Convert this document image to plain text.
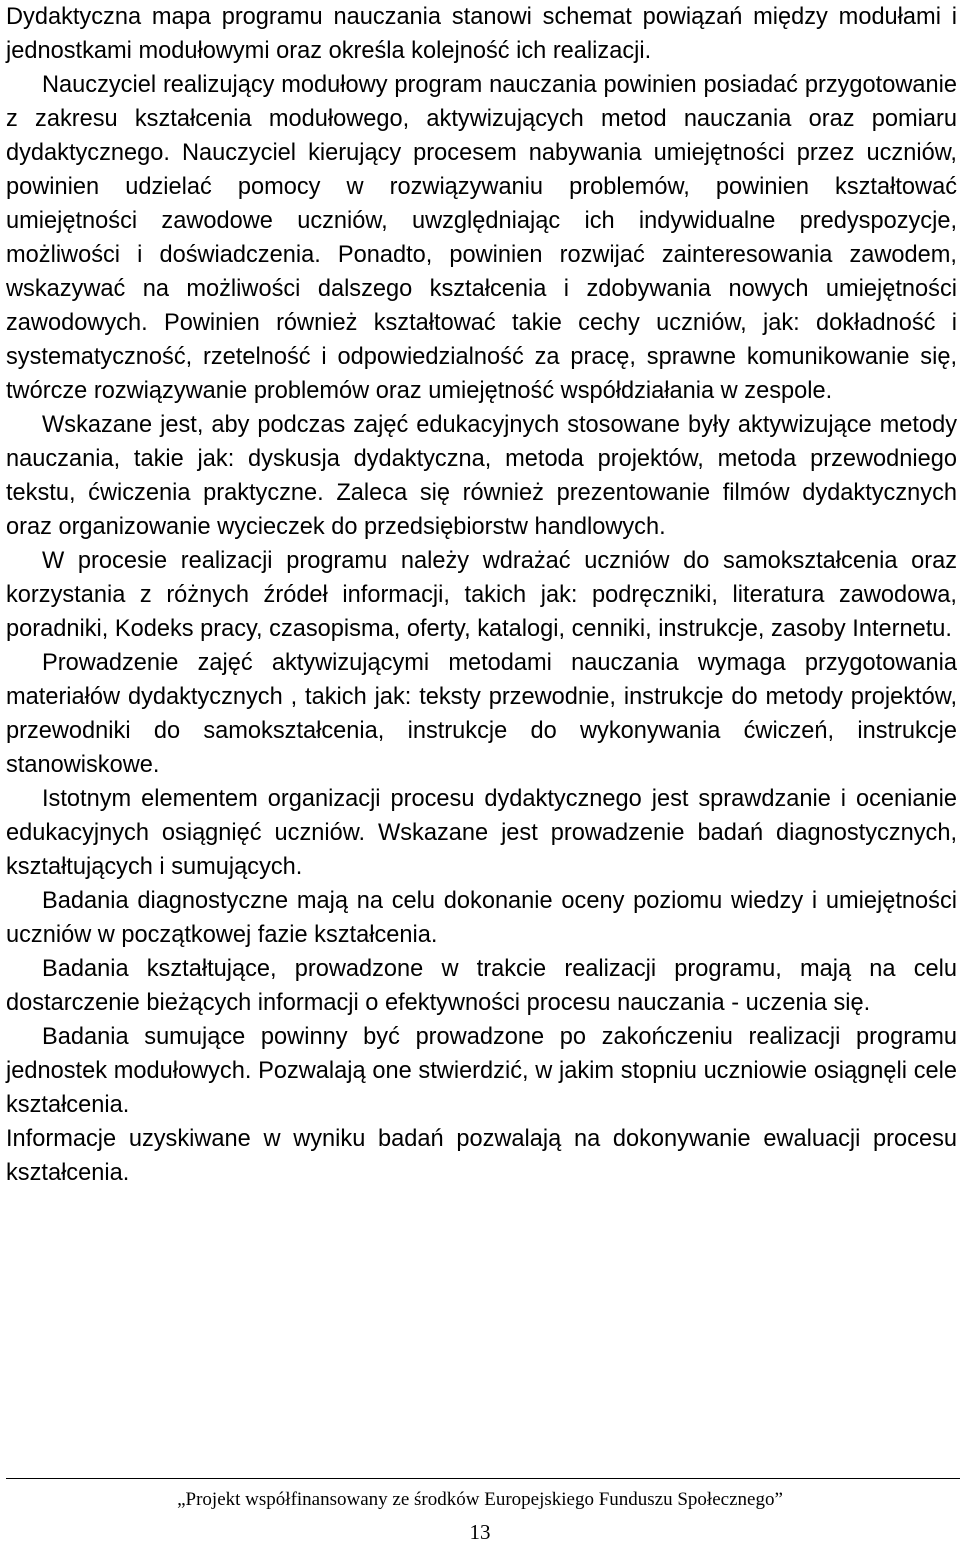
Dydaktyczna mapa programu nauczania stanowi schemat powiązań między modułami i jednostkami modułowymi oraz określa kolejność ich realizacji.

Nauczyciel realizujący modułowy program nauczania powinien posiadać przygotowanie z zakresu kształcenia modułowego, aktywizujących metod nauczania oraz pomiaru dydaktycznego. Nauczyciel kierujący procesem nabywania umiejętności przez uczniów, powinien udzielać pomocy w rozwiązywaniu problemów, powinien kształtować umiejętności zawodowe uczniów, uwzględniając ich indywidualne predyspozycje, możliwości i doświadczenia. Ponadto, powinien rozwijać zainteresowania zawodem, wskazywać na możliwości dalszego kształcenia i zdobywania nowych umiejętności zawodowych. Powinien również kształtować takie cechy uczniów, jak: dokładność i systematyczność, rzetelność i odpowiedzialność za pracę, sprawne komunikowanie się, twórcze rozwiązywanie problemów oraz umiejętność współdziałania w zespole.

Wskazane jest, aby podczas zajęć edukacyjnych stosowane były aktywizujące metody nauczania, takie jak: dyskusja dydaktyczna, metoda projektów, metoda przewodniego tekstu, ćwiczenia praktyczne. Zaleca się również prezentowanie filmów dydaktycznych oraz organizowanie wycieczek do przedsiębiorstw handlowych.

W procesie realizacji programu należy wdrażać uczniów do samokształcenia oraz korzystania z różnych źródeł informacji, takich jak: podręczniki, literatura zawodowa, poradniki, Kodeks pracy, czasopisma, oferty, katalogi, cenniki, instrukcje, zasoby Internetu.

Prowadzenie zajęć aktywizującymi metodami nauczania wymaga przygotowania materiałów dydaktycznych , takich jak: teksty przewodnie, instrukcje do metody projektów, przewodniki do samokształcenia, instrukcje do wykonywania ćwiczeń, instrukcje stanowiskowe.

Istotnym elementem organizacji procesu dydaktycznego jest sprawdzanie i ocenianie edukacyjnych osiągnięć uczniów. Wskazane jest prowadzenie badań diagnostycznych, kształtujących i sumujących.

Badania diagnostyczne mają na celu dokonanie oceny poziomu wiedzy i umiejętności uczniów w początkowej fazie kształcenia.

Badania kształtujące, prowadzone w trakcie realizacji programu, mają na celu dostarczenie bieżących informacji o efektywności procesu nauczania - uczenia się.

Badania sumujące powinny być prowadzone po zakończeniu realizacji programu jednostek modułowych. Pozwalają one stwierdzić, w jakim stopniu uczniowie osiągnęli cele kształcenia.

Informacje uzyskiwane w wyniku badań pozwalają na dokonywanie ewaluacji procesu kształcenia.

„Projekt współfinansowany ze środków Europejskiego Funduszu Społecznego”
13
